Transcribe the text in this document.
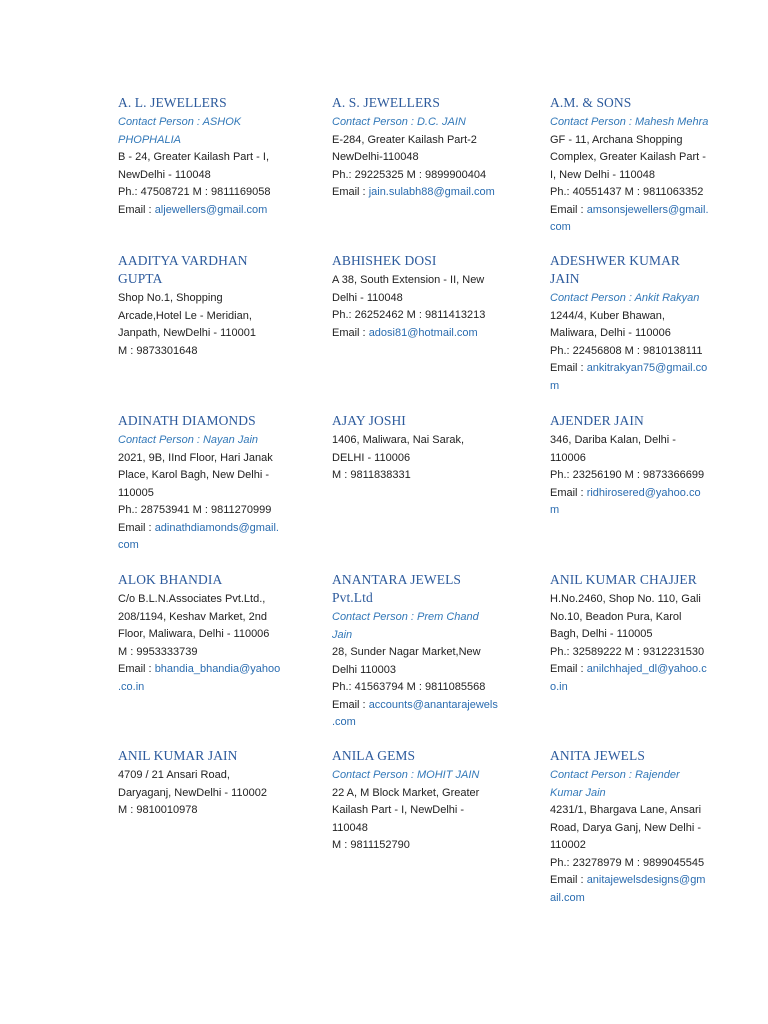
A. L. JEWELLERS
Contact Person : ASHOK
PHOPHALIA
B - 24, Greater Kailash Part - I,
NewDelhi - 110048
Ph.: 47508721 M : 9811169058
Email : aljewellers@gmail.com
A. S. JEWELLERS
Contact Person : D.C. JAIN
E-284, Greater Kailash Part-2
NewDelhi-110048
Ph.: 29225325 M : 9899900404
Email : jain.sulabh88@gmail.com
A.M. & SONS
Contact Person : Mahesh Mehra
GF - 11, Archana Shopping
Complex, Greater Kailash Part -
I, New Delhi - 110048
Ph.: 40551437 M : 9811063352
Email : amsonsjewellers@gmail.
com
AADITYA VARDHAN
GUPTA
Shop No.1, Shopping
Arcade,Hotel Le - Meridian,
Janpath, NewDelhi - 110001
M : 9873301648
ABHISHEK DOSI
A 38, South Extension - II, New
Delhi - 110048
Ph.: 26252462 M : 9811413213
Email : adosi81@hotmail.com
ADESHWER KUMAR
JAIN
Contact Person : Ankit Rakyan
1244/4, Kuber Bhawan,
Maliwara, Delhi - 110006
Ph.: 22456808 M : 9810138111
Email : ankitrakyan75@gmail.co
m
ADINATH DIAMONDS
Contact Person : Nayan Jain
2021, 9B, IInd Floor, Hari Janak
Place, Karol Bagh, New Delhi -
110005
Ph.: 28753941 M : 9811270999
Email : adinathdiamonds@gmail.
com
AJAY JOSHI
1406, Maliwara, Nai Sarak,
DELHI - 110006
M : 9811838331
AJENDER JAIN
346, Dariba Kalan, Delhi -
110006
Ph.: 23256190 M : 9873366699
Email : ridhirosered@yahoo.co
m
ALOK BHANDIA
C/o B.L.N.Associates Pvt.Ltd.,
208/1194, Keshav Market, 2nd
Floor, Maliwara, Delhi - 110006
M : 9953333739
Email : bhandia_bhandia@yahoo
.co.in
ANANTARA JEWELS
Pvt.Ltd
Contact Person : Prem Chand
Jain
28, Sunder Nagar Market,New
Delhi 110003
Ph.: 41563794 M : 9811085568
Email : accounts@anantarajewels
.com
ANIL KUMAR CHAJJER
H.No.2460, Shop No. 110, Gali
No.10, Beadon Pura, Karol
Bagh, Delhi - 110005
Ph.: 32589222 M : 9312231530
Email : anilchhajed_dl@yahoo.c
o.in
ANIL KUMAR JAIN
4709 / 21 Ansari Road,
Daryaganj, NewDelhi - 110002
M : 9810010978
ANILA GEMS
Contact Person : MOHIT JAIN
22 A, M Block Market, Greater
Kailash Part - I, NewDelhi -
110048
M : 9811152790
ANITA JEWELS
Contact Person : Rajender
Kumar Jain
4231/1, Bhargava Lane, Ansari
Road, Darya Ganj, New Delhi -
110002
Ph.: 23278979 M : 9899045545
Email : anitajewelsdesigns@gm
ail.com
